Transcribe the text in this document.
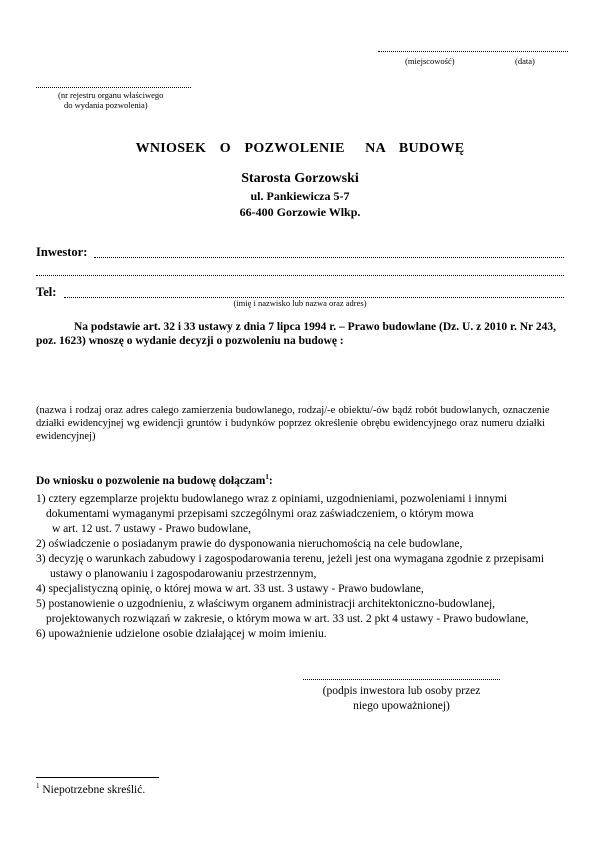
(miejscowość)	(data)
(nr rejestru organu właściwego
do wydania pozwolenia)
WNIOSEK  O  POZWOLENIE   NA  BUDOWĘ
Starosta Gorzowski
ul. Pankiewicza 5-7
66-400 Gorzowie Wlkp.
Inwestor:
Tel:
(imię i nazwisko lub nazwa oraz adres)
Na podstawie art. 32 i 33 ustawy z dnia 7 lipca 1994 r. – Prawo budowlane (Dz. U. z 2010 r. Nr 243, poz. 1623) wnoszę o wydanie decyzji o pozwoleniu na budowę :
(nazwa i rodzaj oraz adres całego zamierzenia budowlanego, rodzaj/-e obiektu/-ów bądź robót budowlanych, oznaczenie działki ewidencyjnej wg ewidencji gruntów i budynków poprzez określenie obrębu ewidencyjnego oraz numeru działki ewidencyjnej)
Do wniosku o pozwolenie na budowę dołączam$^1$:
1) cztery egzemplarze projektu budowlanego wraz z opiniami, uzgodnieniami, pozwoleniami i innymi
dokumentami wymaganymi przepisami szczególnymi oraz zaświadczeniem, o którym mowa
w art. 12 ust. 7 ustawy - Prawo budowlane,
2) oświadczenie o posiadanym prawie do dysponowania nieruchomością na cele budowlane,
3) decyzję o warunkach zabudowy i zagospodarowania terenu, jeżeli jest ona wymagana zgodnie z przepisami
ustawy o planowaniu i zagospodarowaniu przestrzennym,
4) specjalistyczną opinię, o której mowa w art. 33 ust. 3 ustawy - Prawo budowlane,
5) postanowienie o uzgodnieniu, z właściwym organem administracji architektoniczno-budowlanej,
projektowanych rozwiązań w zakresie, o którym mowa w art. 33 ust. 2 pkt 4 ustawy - Prawo budowlane,
6) upoważnienie udzielone osobie działającej w moim imieniu.
(podpis inwestora lub osoby przez
niego upoważnionej)
$^1$ Niepotrzebne skreślić.
